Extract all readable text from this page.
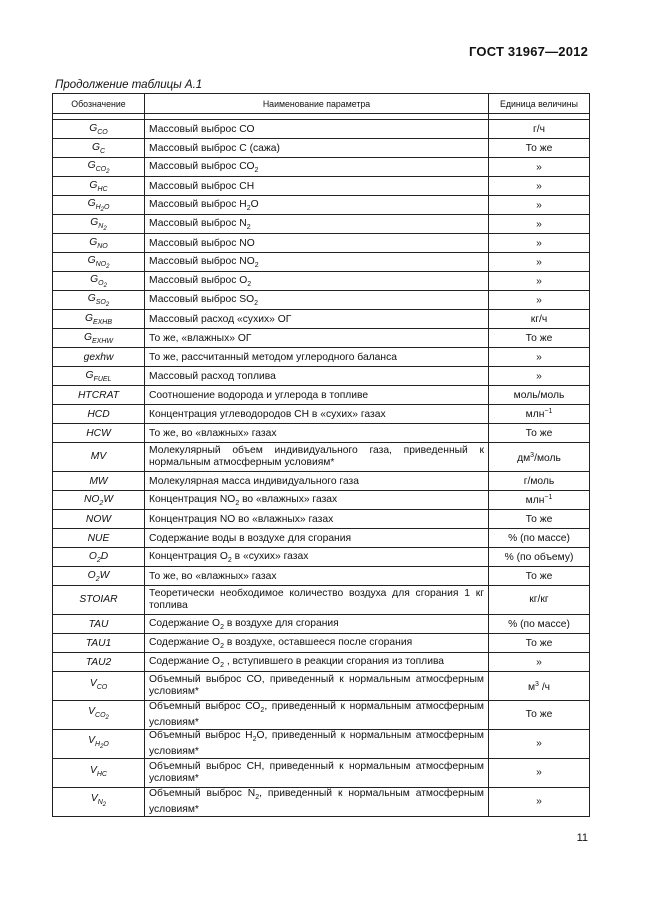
ГОСТ 31967—2012
Продолжение таблицы А.1
Обозначение	Наименование параметра	Единица величины

$G_{CO}$	Массовый выброс СО	г/ч
$G_C$	Массовый выброс С (сажа)	То же
$G_{CO_2}$	Массовый выброс $СО_2$	»
$G_{HC}$	Массовый выброс СН	»
$G_{H_2O}$	Массовый выброс $H_2O$	»
$G_{N_2}$	Массовый выброс $N_2$	»
$G_{NO}$	Массовый выброс NO	»
$G_{NO_2}$	Массовый выброс $NO_2$	»
$G_{O_2}$	Массовый выброс $O_2$	»
$G_{SO_2}$	Массовый выброс $SO_2$	»
$G_{EXHB}$	Массовый расход «сухих» ОГ	кг/ч
$G_{EXHW}$	То же, «влажных» ОГ	То же
gexhw	То же, рассчитанный методом углеродного баланса	»
$G_{FUEL}$	Массовый расход топлива	»
HTCRAT	Соотношение водорода и углерода в топливе	моль/моль
HCD	Концентрация углеводородов СН в «сухих» газах	млн$^{-1}$
HCW	То же, во «влажных» газах	То же
MV	Молекулярный объем индивидуального газа, приведенный к нормальным атмосферным условиям*	$дм^3$/моль
MW	Молекулярная масса индивидуального газа	г/моль
$NO_2W$	Концентрация $NO_2$ во «влажных» газах	млн$^{-1}$
NOW	Концентрация NO во «влажных» газах	То же
NUE	Содержание воды в воздухе для сгорания	% (по массе)
$O_2D$	Концентрация $O_2$ в «сухих» газах	% (по объему)
$O_2W$	То же, во «влажных» газах	То же
STOIAR	Теоретически необходимое количество воздуха для сгорания 1 кг топлива	кг/кг
TAU	Содержание $O_2$ в воздухе для сгорания	% (по массе)
TAU1	Содержание $O_2$ в воздухе, оставшееся после сгорания	То же
TAU2	Содержание $O_2$ , вступившего в реакции сгорания из топлива	»
$V_{CO}$	Объемный выброс СО, приведенный к нормальным атмосферным условиям*	$м^3$ /ч
$V_{CO_2}$	Объемный выброс $СО_2$, приведенный к нормальным атмосферным условиям*	То же
$V_{H_2O}$	Объемный выброс $H_2O$, приведенный к нормальным атмосферным условиям*	»
$V_{HC}$	Объемный выброс СН, приведенный к нормальным атмосферным условиям*	»
$V_{N_2}$	Объемный выброс $N_2$, приведенный к нормальным атмосферным условиям*	»
11
